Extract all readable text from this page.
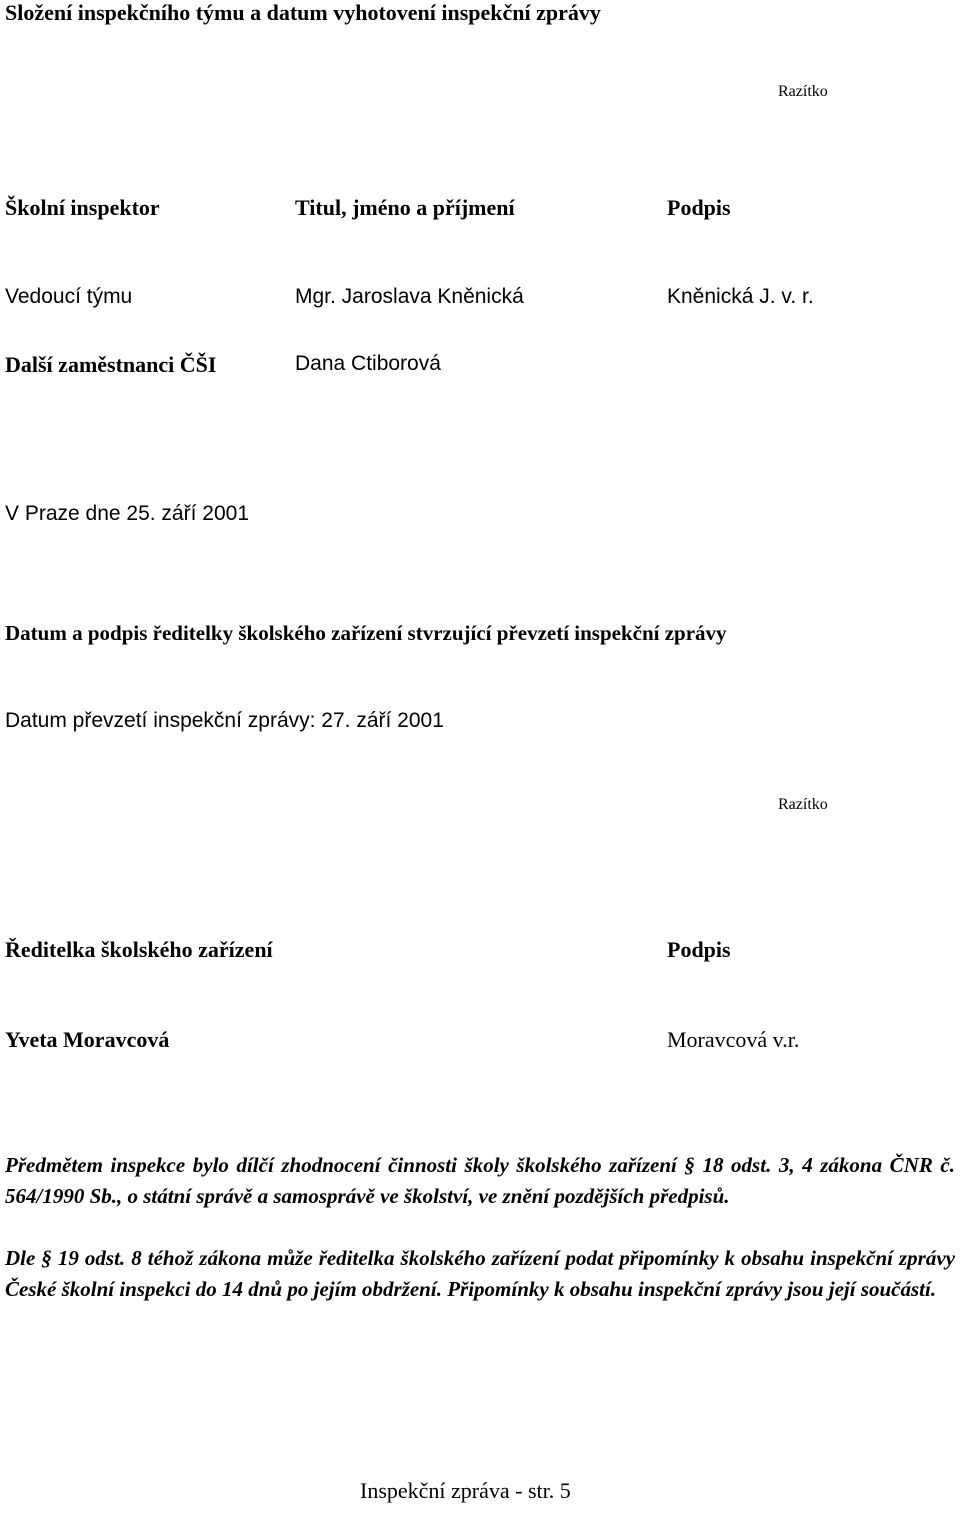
Složení inspekčního týmu a datum vyhotovení inspekční zprávy
Razítko
Školní inspektor	Titul, jméno a příjmení	Podpis
Vedoucí týmu	Mgr. Jaroslava Kněnická	Kněnická J. v. r.
Další zaměstnanci ČŠI	Dana Ctiborová
V Praze dne 25. září 2001
Datum a podpis ředitelky školského zařízení stvrzující převzetí inspekční zprávy
Datum převzetí inspekční zprávy: 27. září 2001
Razítko
Ředitelka školského zařízení	Podpis
Yveta Moravcová	Moravcová v.r.

Předmětem inspekce bylo dílčí zhodnocení činnosti školy školského zařízení § 18 odst. 3, 4 zákona ČNR č. 564/1990 Sb., o státní správě a samosprávě ve školství, ve znění pozdějších předpisů.

Dle § 19 odst. 8 téhož zákona může ředitelka školského zařízení podat připomínky k obsahu inspekční zprávy České školní inspekci do 14 dnů po jejím obdržení. Připomínky k obsahu inspekční zprávy jsou její součástí.

Inspekční zpráva - str. 5
